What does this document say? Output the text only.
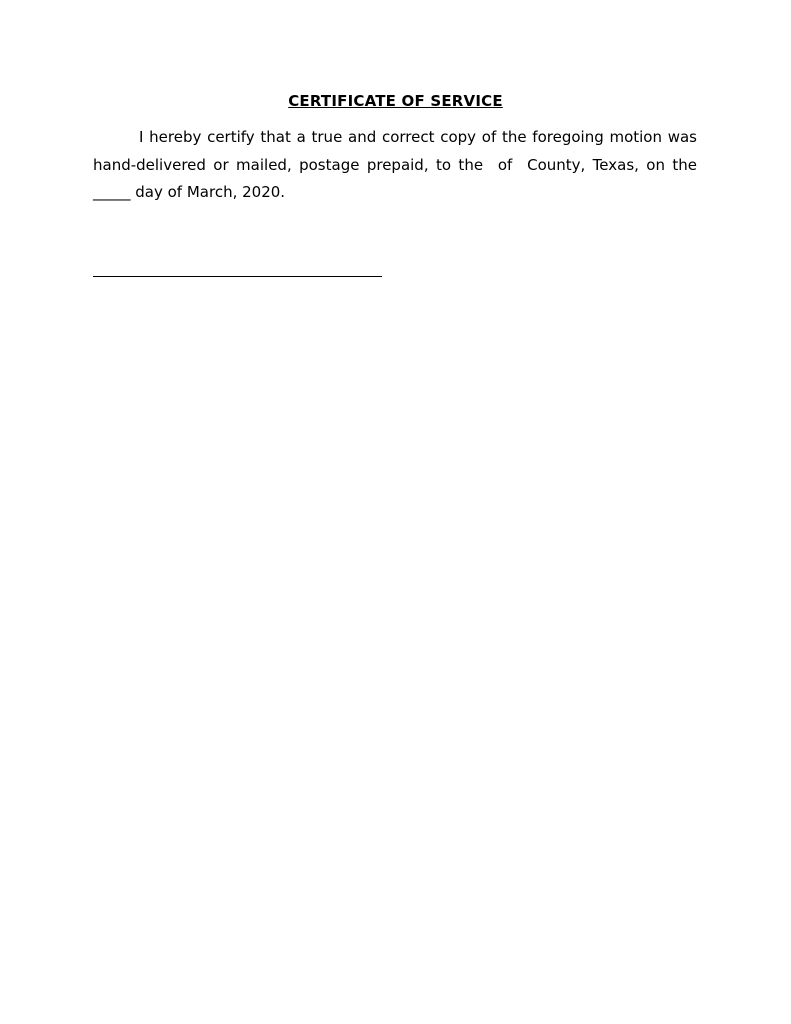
CERTIFICATE OF SERVICE

I hereby certify that a true and correct copy of the foregoing motion was hand-delivered or mailed, postage prepaid, to the  of  County, Texas, on the _____ day of March, 2020.
